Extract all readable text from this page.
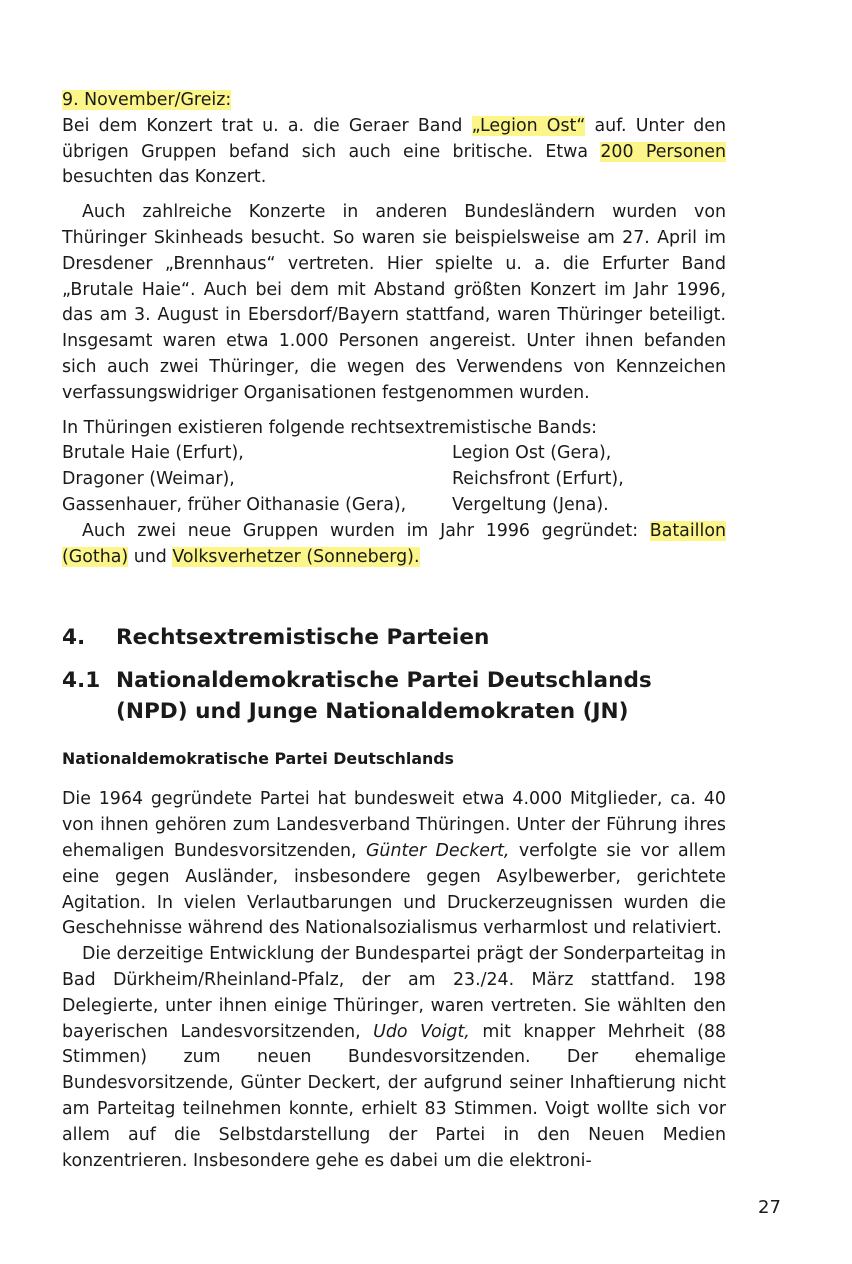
9. November/Greiz:

Bei dem Konzert trat u. a. die Geraer Band „Legion Ost“ auf. Unter den übrigen Gruppen befand sich auch eine britische. Etwa 200 Personen besuchten das Konzert.

Auch zahlreiche Konzerte in anderen Bundesländern wurden von Thüringer Skinheads besucht. So waren sie beispielsweise am 27. April im Dresdener „Brennhaus“ vertreten. Hier spielte u. a. die Erfurter Band „Brutale Haie“. Auch bei dem mit Abstand größten Konzert im Jahr 1996, das am 3. August in Ebersdorf/Bayern stattfand, waren Thüringer beteiligt. Insgesamt waren etwa 1.000 Personen angereist. Unter ihnen befanden sich auch zwei Thüringer, die wegen des Verwendens von Kennzeichen verfassungswidriger Organisationen festgenommen wurden.

In Thüringen existieren folgende rechtsextremistische Bands:

Brutale Haie (Erfurt),
Dragoner (Weimar),
Gassenhauer, früher Oithanasie (Gera),
Legion Ost (Gera),
Reichsfront (Erfurt),
Vergeltung (Jena).

Auch zwei neue Gruppen wurden im Jahr 1996 gegründet: Bataillon (Gotha) und Volksverhetzer (Sonneberg).

4.	Rechtsextremistische Parteien
4.1 Nationaldemokratische Partei Deutschlands (NPD) und Junge Nationaldemokraten (JN)
Nationaldemokratische Partei Deutschlands

Die 1964 gegründete Partei hat bundesweit etwa 4.000 Mitglieder, ca. 40 von ihnen gehören zum Landesverband Thüringen. Unter der Führung ihres ehemaligen Bundesvorsitzenden, Günter Deckert, verfolgte sie vor allem eine gegen Ausländer, insbesondere gegen Asylbewerber, gerichtete Agitation. In vielen Verlautbarungen und Druckerzeugnissen wurden die Geschehnisse während des Nationalsozialismus verharmlost und relativiert.

Die derzeitige Entwicklung der Bundespartei prägt der Sonderparteitag in Bad Dürkheim/Rheinland-Pfalz, der am 23./24. März stattfand. 198 Delegierte, unter ihnen einige Thüringer, waren vertreten. Sie wählten den bayerischen Landesvorsitzenden, Udo Voigt, mit knapper Mehrheit (88 Stimmen) zum neuen Bundesvorsitzenden. Der ehemalige Bundesvorsitzende, Günter Deckert, der aufgrund seiner Inhaftierung nicht am Parteitag teilnehmen konnte, erhielt 83 Stimmen. Voigt wollte sich vor allem auf die Selbstdarstellung der Partei in den Neuen Medien konzentrieren. Insbesondere gehe es dabei um die elektroni-

27
